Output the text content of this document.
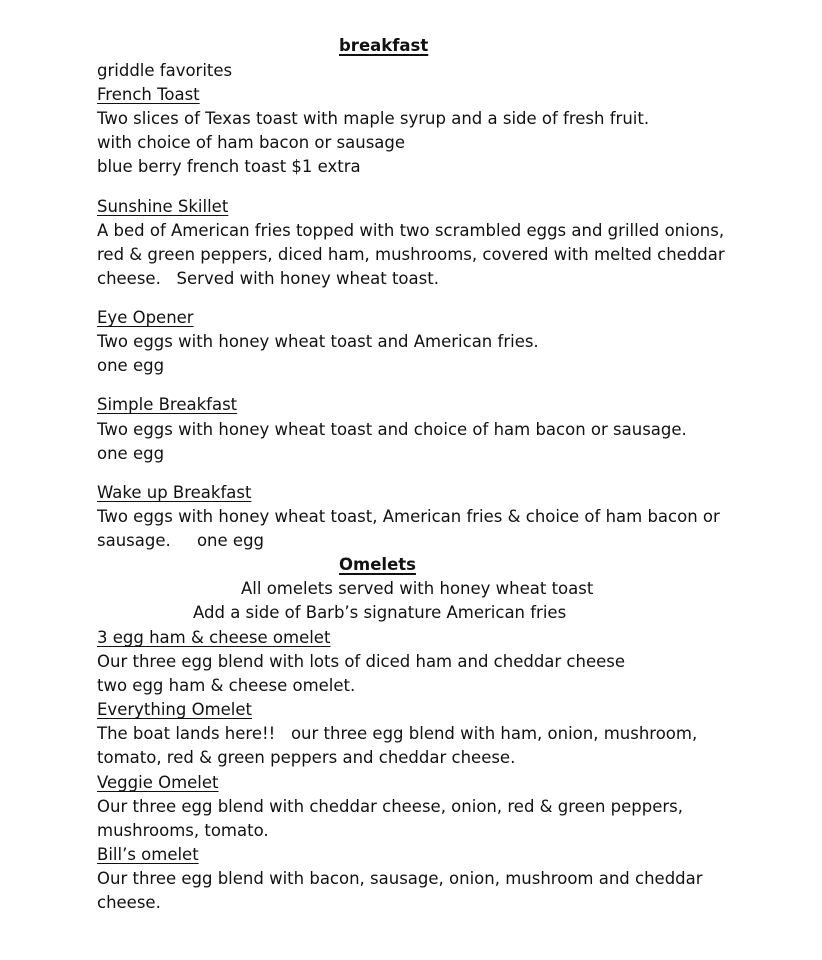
breakfast
griddle favorites
French Toast
Two slices of Texas toast with maple syrup and a side of fresh fruit.
with choice of ham bacon or sausage
blue berry french toast $1 extra
Sunshine Skillet
A bed of American fries topped with two scrambled eggs and grilled onions,
red & green peppers, diced ham, mushrooms, covered with melted cheddar
cheese.   Served with honey wheat toast.
Eye Opener
Two eggs with honey wheat toast and American fries.
one egg
Simple Breakfast
Two eggs with honey wheat toast and choice of ham bacon or sausage.
one egg
Wake up Breakfast
Two eggs with honey wheat toast, American fries & choice of ham bacon or
sausage.     one egg
Omelets
All omelets served with honey wheat toast
Add a side of Barb’s signature American fries
3 egg ham & cheese omelet
Our three egg blend with lots of diced ham and cheddar cheese
two egg ham & cheese omelet.
Everything Omelet
The boat lands here!!   our three egg blend with ham, onion, mushroom,
tomato, red & green peppers and cheddar cheese.
Veggie Omelet
Our three egg blend with cheddar cheese, onion, red & green peppers,
mushrooms, tomato.
Bill’s omelet
Our three egg blend with bacon, sausage, onion, mushroom and cheddar
cheese.
